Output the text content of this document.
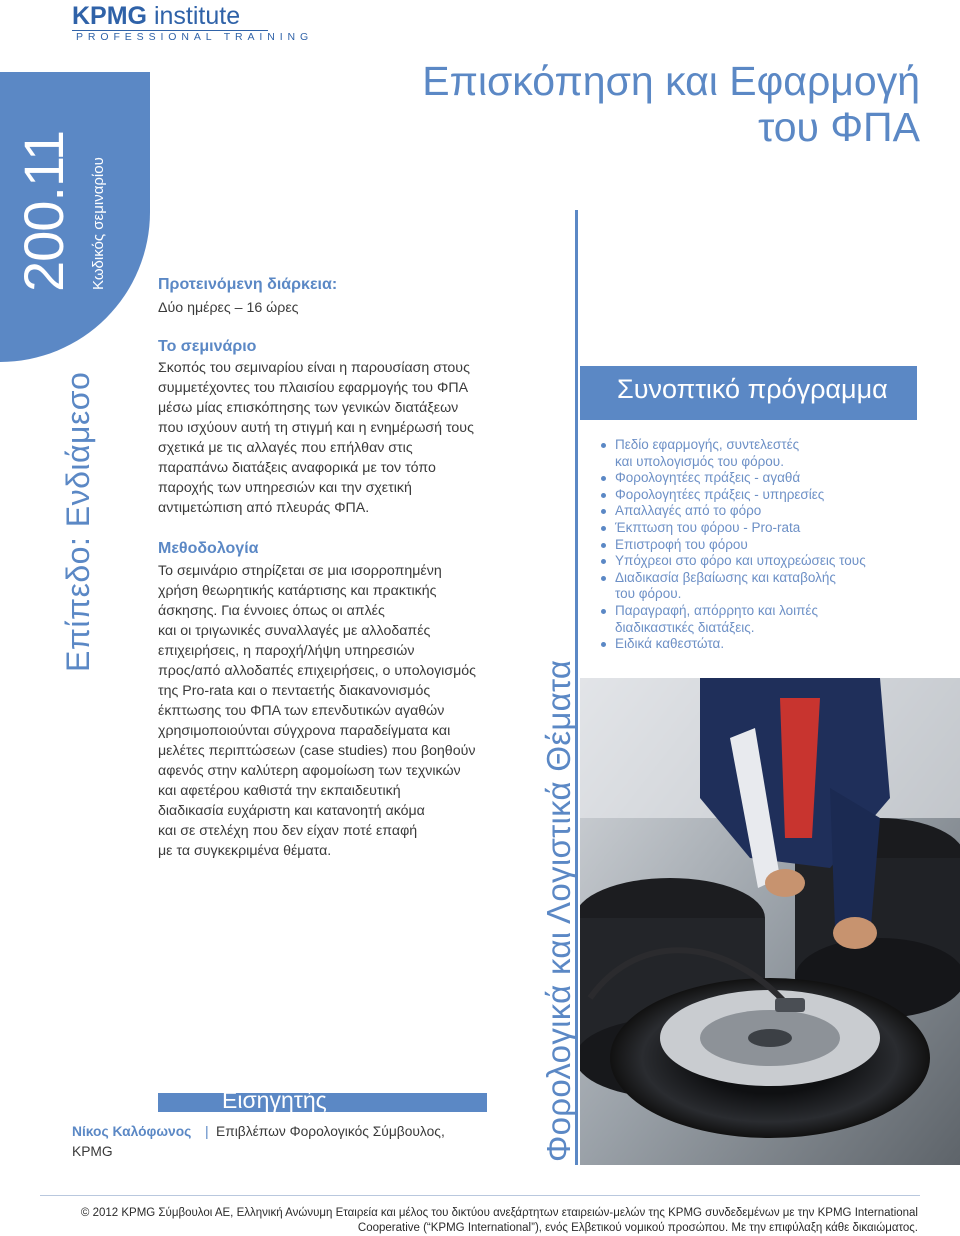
KPMG institute
PROFESSIONAL TRAINING
200.11 Κωδικός σεμιναρίου
Επίπεδο: Ενδιάμεσο
Επισκόπηση και Εφαρμογή
του ΦΠΑ
Προτεινόμενη διάρκεια:
Δύο ημέρες – 16 ώρες
Το σεμινάριο
Σκοπός του σεμιναρίου είναι η παρουσίαση στους
συμμετέχοντες του πλαισίου εφαρμογής του ΦΠΑ
μέσω μίας επισκόπησης των γενικών διατάξεων
που ισχύουν αυτή τη στιγμή και η ενημέρωσή τους
σχετικά με τις αλλαγές που επήλθαν στις
παραπάνω διατάξεις αναφορικά με τον τόπο
παροχής των υπηρεσιών και την σχετική
αντιμετώπιση από πλευράς ΦΠΑ.
Μεθοδολογία
Το σεμινάριο στηρίζεται σε μια ισορροπημένη
χρήση θεωρητικής κατάρτισης και πρακτικής
άσκησης. Για έννοιες όπως οι απλές
και οι τριγωνικές συναλλαγές με αλλοδαπές
επιχειρήσεις, η παροχή/λήψη υπηρεσιών
προς/από αλλοδαπές επιχειρήσεις, ο υπολογισμός
της Pro-rata και ο πενταετής διακανονισμός
έκπτωσης του ΦΠΑ των επενδυτικών αγαθών
χρησιμοποιούνται σύγχρονα παραδείγματα και
μελέτες περιπτώσεων (case studies) που βοηθούν
αφενός στην καλύτερη αφομοίωση των τεχνικών
και αφετέρου καθιστά την εκπαιδευτική
διαδικασία ευχάριστη και κατανοητή ακόμα
και σε στελέχη που δεν είχαν ποτέ επαφή
με τα συγκεκριμένα θέματα.	Φορολογικά και Λογιστικά Θέματα
Συνοπτικό πρόγραμμα
Πεδίο εφαρμογής, συντελεστές
και υπολογισμός του φόρου.
Φορολογητέες πράξεις - αγαθά
Φορολογητέες πράξεις - υπηρεσίες
Απαλλαγές από το φόρο
Έκπτωση του φόρου - Pro-rata
Επιστροφή του φόρου
Υπόχρεοι στο φόρο και υποχρεώσεις τους
Διαδικασία βεβαίωσης και καταβολής
του φόρου.
Παραγραφή, απόρρητο και λοιπές
διαδικαστικές διατάξεις.
Ειδικά καθεστώτα.
Εισηγητής
Νίκος Καλόφωνος | Επιβλέπων Φορολογικός Σύμβουλος,
KPMG
© 2012 KPMG Σύμβουλοι ΑΕ, Ελληνική Ανώνυμη Εταιρεία και μέλος του δικτύου ανεξάρτητων εταιρειών-μελών της KPMG συνδεδεμένων με την KPMG International
Cooperative (“KPMG International”), ενός Ελβετικού νομικού προσώπου. Με την επιφύλαξη κάθε δικαιώματος.
